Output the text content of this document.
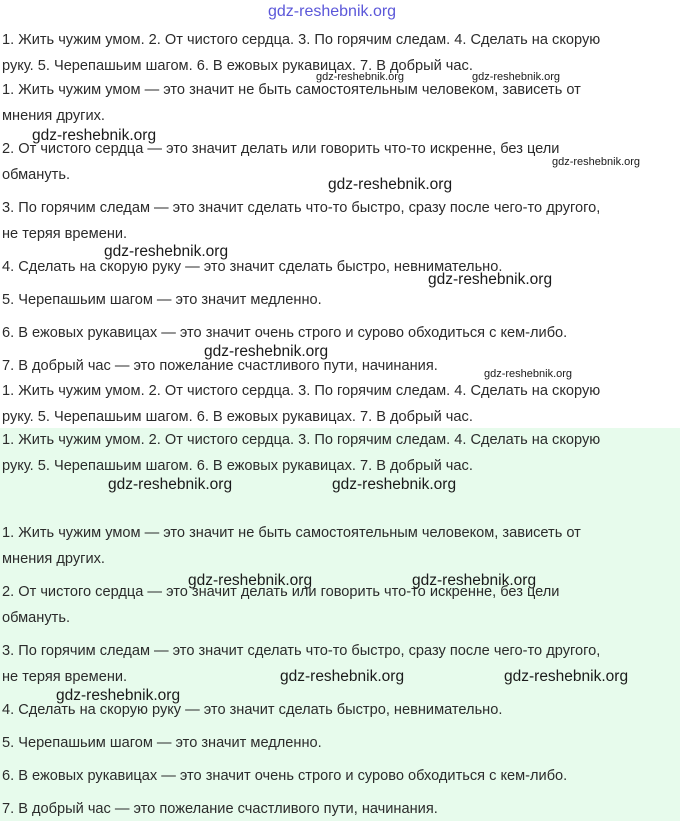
gdz-reshebnik.org

1. Жить чужим умом. 2. От чистого сердца. 3. По горячим следам. 4. Сделать на скорую

руку. 5. Черепашьим шагом. 6. В ежовых рукавицах. 7. В добрый час.

1. Жить чужим умом — это значит не быть самостоятельным человеком, зависеть от

мнения других.

2. От чистого сердца — это значит делать или говорить что-то искренне, без цели

обмануть.

3. По горячим следам — это значит сделать что-то быстро, сразу после чего-то другого,

не теряя времени.

4. Сделать на скорую руку — это значит сделать быстро, невнимательно.

5. Черепашьим шагом — это значит медленно.

6. В ежовых рукавицах — это значит очень строго и сурово обходиться с кем-либо.

7. В добрый час — это пожелание счастливого пути, начинания.

1. Жить чужим умом. 2. От чистого сердца. 3. По горячим следам. 4. Сделать на скорую

руку. 5. Черепашьим шагом. 6. В ежовых рукавицах. 7. В добрый час.

gdz-reshebnik.org	gdz-reshebnik.org
gdz-reshebnik.org
gdz-reshebnik.org
gdz-reshebnik.org
gdz-reshebnik.org
gdz-reshebnik.org
gdz-reshebnik.org
gdz-reshebnik.org

1. Жить чужим умом. 2. От чистого сердца. 3. По горячим следам. 4. Сделать на скорую

руку. 5. Черепашьим шагом. 6. В ежовых рукавицах. 7. В добрый час.

1. Жить чужим умом — это значит не быть самостоятельным человеком, зависеть от

мнения других.

2. От чистого сердца — это значит делать или говорить что-то искренне, без цели

обмануть.

3. По горячим следам — это значит сделать что-то быстро, сразу после чего-то другого,

не теряя времени.

4. Сделать на скорую руку — это значит сделать быстро, невнимательно.

5. Черепашьим шагом — это значит медленно.

6. В ежовых рукавицах — это значит очень строго и сурово обходиться с кем-либо.

7. В добрый час — это пожелание счастливого пути, начинания.

gdz-reshebnik.org	gdz-reshebnik.org
gdz-reshebnik.org	gdz-reshebnik.org
gdz-reshebnik.org	gdz-reshebnik.org
gdz-reshebnik.org
